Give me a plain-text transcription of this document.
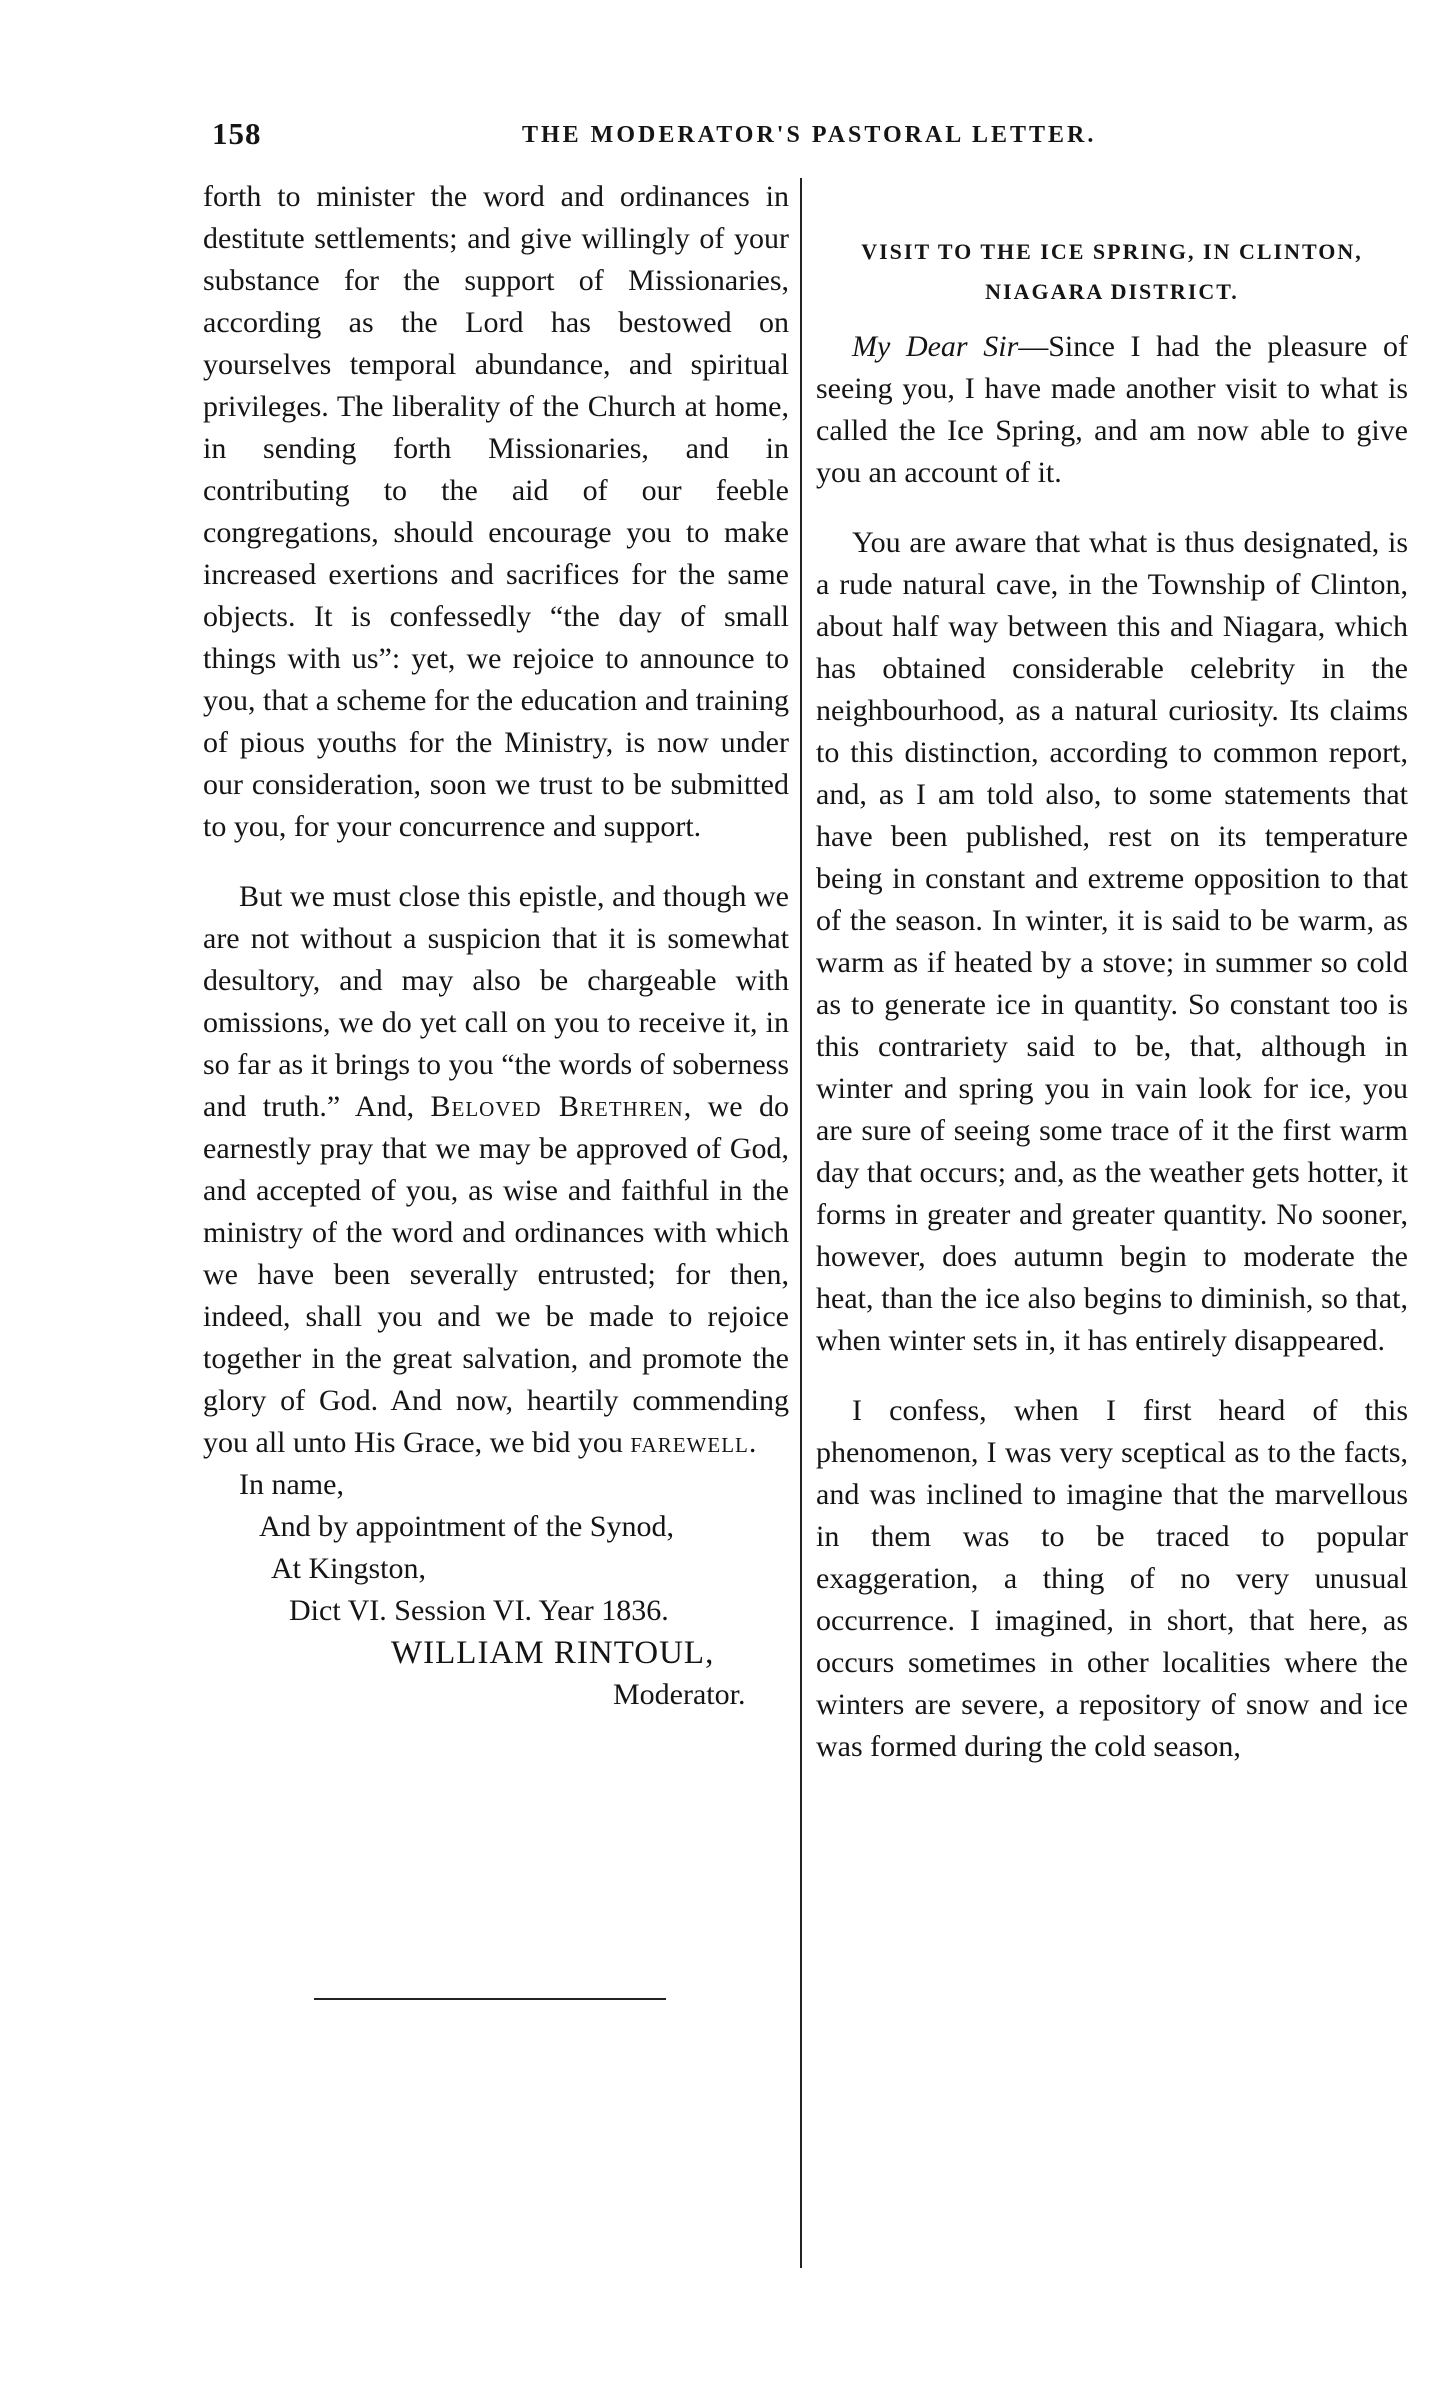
158	THE MODERATOR'S PASTORAL LETTER.

forth to minister the word and ordinances in destitute settlements; and give willingly of your substance for the support of Missionaries, according as the Lord has bestowed on yourselves temporal abundance, and spiritual privileges. The liberality of the Church at home, in sending forth Missionaries, and in contributing to the aid of our feeble congregations, should encourage you to make increased exertions and sacrifices for the same objects. It is confessedly “the day of small things with us”: yet, we rejoice to announce to you, that a scheme for the education and training of pious youths for the Ministry, is now under our consideration, soon we trust to be submitted to you, for your concurrence and support.

But we must close this epistle, and though we are not without a suspicion that it is somewhat desultory, and may also be chargeable with omissions, we do yet call on you to receive it, in so far as it brings to you “the words of soberness and truth.” And, Beloved Brethren, we do earnestly pray that we may be approved of God, and accepted of you, as wise and faithful in the ministry of the word and ordinances with which we have been severally entrusted; for then, indeed, shall you and we be made to rejoice together in the great salvation, and promote the glory of God. And now, heartily commending you all unto His Grace, we bid you farewell.

In name,
And by appointment of the Synod,
At Kingston,
Dict VI. Session VI. Year 1836.
WILLIAM RINTOUL,
Moderator.

VISIT TO THE ICE SPRING, IN CLINTON,
NIAGARA DISTRICT.

My Dear Sir—Since I had the pleasure of seeing you, I have made another visit to what is called the Ice Spring, and am now able to give you an account of it.

You are aware that what is thus designated, is a rude natural cave, in the Township of Clinton, about half way between this and Niagara, which has obtained considerable celebrity in the neighbourhood, as a natural curiosity. Its claims to this distinction, according to common report, and, as I am told also, to some statements that have been published, rest on its temperature being in constant and extreme opposition to that of the season. In winter, it is said to be warm, as warm as if heated by a stove; in summer so cold as to generate ice in quantity. So constant too is this contrariety said to be, that, although in winter and spring you in vain look for ice, you are sure of seeing some trace of it the first warm day that occurs; and, as the weather gets hotter, it forms in greater and greater quantity. No sooner, however, does autumn begin to moderate the heat, than the ice also begins to diminish, so that, when winter sets in, it has entirely disappeared.

I confess, when I first heard of this phenomenon, I was very sceptical as to the facts, and was inclined to imagine that the marvellous in them was to be traced to popular exaggeration, a thing of no very unusual occurrence. I imagined, in short, that here, as occurs sometimes in other localities where the winters are severe, a repository of snow and ice was formed during the cold season,
